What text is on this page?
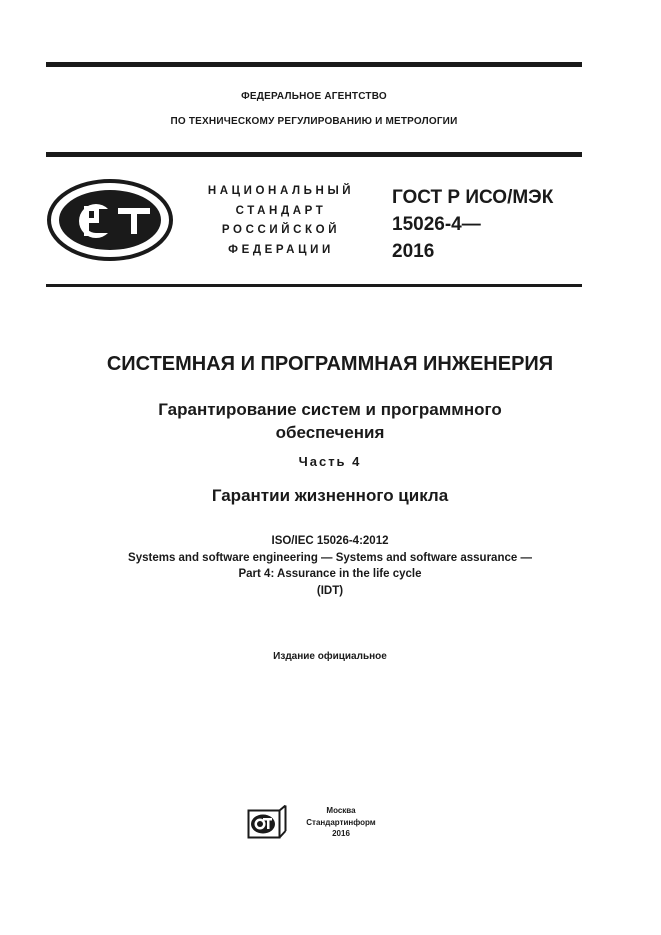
ФЕДЕРАЛЬНОЕ АГЕНТСТВО
ПО ТЕХНИЧЕСКОМУ РЕГУЛИРОВАНИЮ И МЕТРОЛОГИИ
НАЦИОНАЛЬНЫЙ
СТАНДАРТ
РОССИЙСКОЙ
ФЕДЕРАЦИИ
ГОСТ Р ИСО/МЭК
15026-4—
2016
СИСТЕМНАЯ И ПРОГРАММНАЯ ИНЖЕНЕРИЯ
Гарантирование систем и программного
обеспечения
Часть 4
Гарантии жизненного цикла
ISO/IEC 15026-4:2012
Systems and software engineering — Systems and software assurance —
Part 4: Assurance in the life cycle
(IDT)
Издание официальное
Москва
Стандартинформ
2016
